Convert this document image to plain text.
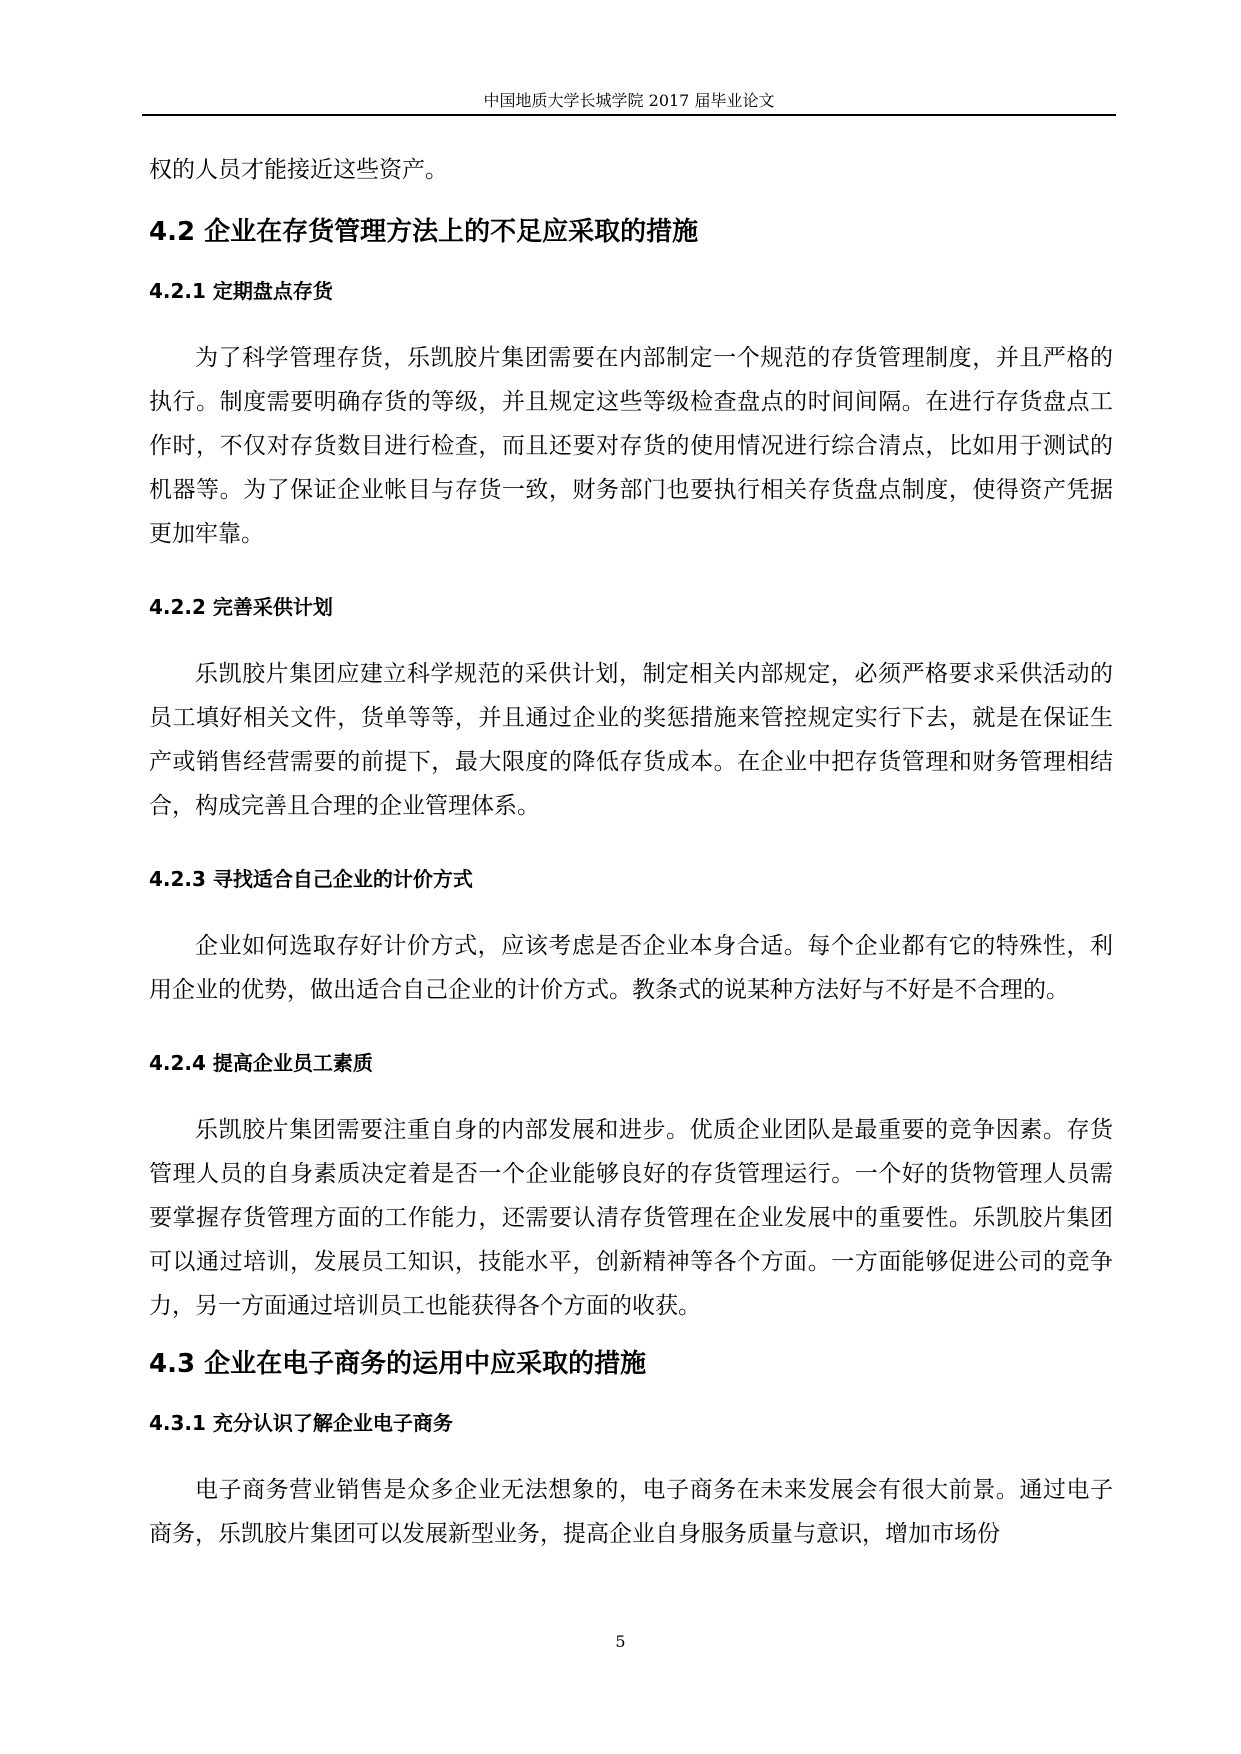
中国地质大学长城学院 2017 届毕业论文

权的人员才能接近这些资产。

4.2 企业在存货管理方法上的不足应采取的措施
4.2.1 定期盘点存货

为了科学管理存货，乐凯胶片集团需要在内部制定一个规范的存货管理制度，并且严格的执行。制度需要明确存货的等级，并且规定这些等级检查盘点的时间间隔。在进行存货盘点工作时，不仅对存货数目进行检查，而且还要对存货的使用情况进行综合清点，比如用于测试的机器等。为了保证企业帐目与存货一致，财务部门也要执行相关存货盘点制度，使得资产凭据更加牢靠。

4.2.2 完善采供计划

乐凯胶片集团应建立科学规范的采供计划，制定相关内部规定，必须严格要求采供活动的员工填好相关文件，货单等等，并且通过企业的奖惩措施来管控规定实行下去，就是在保证生产或销售经营需要的前提下，最大限度的降低存货成本。在企业中把存货管理和财务管理相结合，构成完善且合理的企业管理体系。

4.2.3 寻找适合自己企业的计价方式

企业如何选取存好计价方式，应该考虑是否企业本身合适。每个企业都有它的特殊性，利用企业的优势，做出适合自己企业的计价方式。教条式的说某种方法好与不好是不合理的。

4.2.4 提高企业员工素质

乐凯胶片集团需要注重自身的内部发展和进步。优质企业团队是最重要的竞争因素。存货管理人员的自身素质决定着是否一个企业能够良好的存货管理运行。一个好的货物管理人员需要掌握存货管理方面的工作能力，还需要认清存货管理在企业发展中的重要性。乐凯胶片集团可以通过培训，发展员工知识，技能水平，创新精神等各个方面。一方面能够促进公司的竞争力，另一方面通过培训员工也能获得各个方面的收获。

4.3 企业在电子商务的运用中应采取的措施
4.3.1 充分认识了解企业电子商务

电子商务营业销售是众多企业无法想象的，电子商务在未来发展会有很大前景。通过电子商务，乐凯胶片集团可以发展新型业务，提高企业自身服务质量与意识，增加市场份

5
